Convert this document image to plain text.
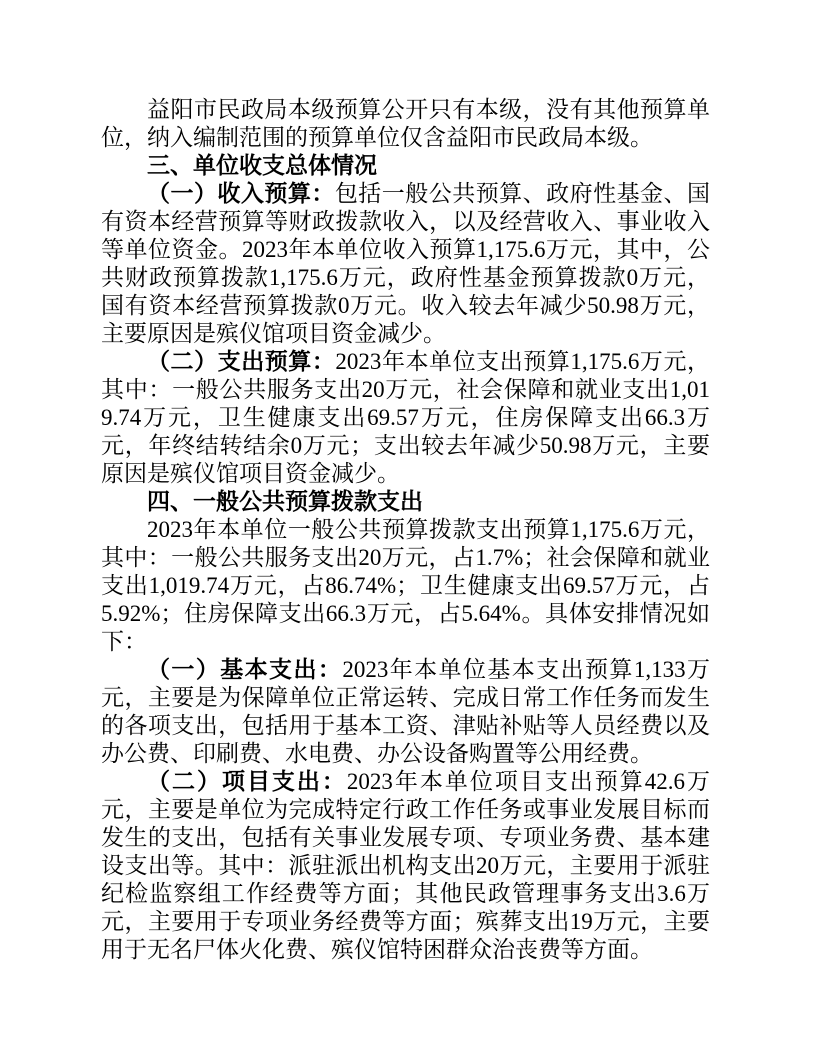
益阳市民政局本级预算公开只有本级，没有其他预算单位，纳入编制范围的预算单位仅含益阳市民政局本级。

三、单位收支总体情况

（一）收入预算：包括一般公共预算、政府性基金、国有资本经营预算等财政拨款收入，以及经营收入、事业收入等单位资金。2023年本单位收入预算1,175.6万元，其中，公共财政预算拨款1,175.6万元，政府性基金预算拨款0万元，国有资本经营预算拨款0万元。收入较去年减少50.98万元，主要原因是殡仪馆项目资金减少。

（二）支出预算：2023年本单位支出预算1,175.6万元，其中：一般公共服务支出20万元，社会保障和就业支出1,019.74万元，卫生健康支出69.57万元，住房保障支出66.3万元，年终结转结余0万元；支出较去年减少50.98万元，主要原因是殡仪馆项目资金减少。

四、一般公共预算拨款支出

2023年本单位一般公共预算拨款支出预算1,175.6万元，其中：一般公共服务支出20万元，占1.7%；社会保障和就业支出1,019.74万元，占86.74%；卫生健康支出69.57万元，占5.92%；住房保障支出66.3万元，占5.64%。具体安排情况如下：

（一）基本支出：2023年本单位基本支出预算1,133万元，主要是为保障单位正常运转、完成日常工作任务而发生的各项支出，包括用于基本工资、津贴补贴等人员经费以及办公费、印刷费、水电费、办公设备购置等公用经费。

（二）项目支出：2023年本单位项目支出预算42.6万元，主要是单位为完成特定行政工作任务或事业发展目标而发生的支出，包括有关事业发展专项、专项业务费、基本建设支出等。其中：派驻派出机构支出20万元，主要用于派驻纪检监察组工作经费等方面；其他民政管理事务支出3.6万元，主要用于专项业务经费等方面；殡葬支出19万元，主要用于无名尸体火化费、殡仪馆特困群众治丧费等方面。
